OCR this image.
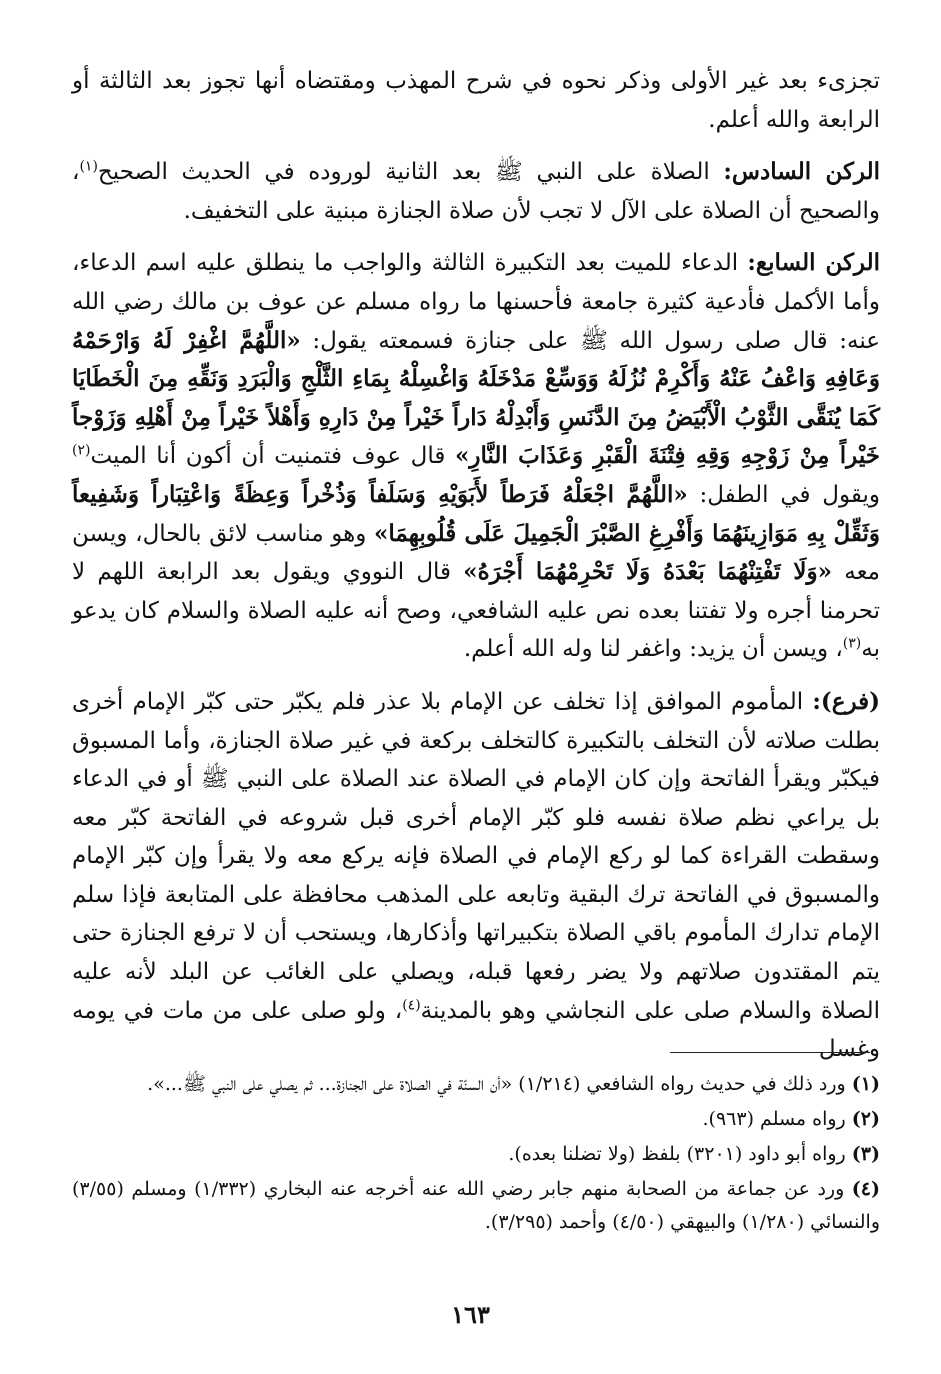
تجزىء بعد غير الأولى وذكر نحوه في شرح المهذب ومقتضاه أنها تجوز بعد الثالثة أو الرابعة والله أعلم.

الركن السادس: الصلاة على النبي ﷺ بعد الثانية لوروده في الحديث الصحيح$^{(١)}$، والصحيح أن الصلاة على الآل لا تجب لأن صلاة الجنازة مبنية على التخفيف.

الركن السابع: الدعاء للميت بعد التكبيرة الثالثة والواجب ما ينطلق عليه اسم الدعاء، وأما الأكمل فأدعية كثيرة جامعة فأحسنها ما رواه مسلم عن عوف بن مالك رضي الله عنه: قال صلى رسول الله ﷺ على جنازة فسمعته يقول: «اللَّهُمَّ اغْفِرْ لَهُ وَارْحَمْهُ وَعَافِهِ وَاعْفُ عَنْهُ وَأَكْرِمْ نُزُلَهُ وَوَسِّعْ مَدْخَلَهُ وَاغْسِلْهُ بِمَاءِ الثَّلْجِ وَالْبَرَدِ وَنَقِّهِ مِنَ الْخَطَايَا كَمَا يُنَقَّى الثَّوْبُ الْأَبْيَضُ مِنَ الدَّنَسِ وَأَبْدِلْهُ دَاراً خَيْراً مِنْ دَارِهِ وَأَهْلاً خَيْراً مِنْ أَهْلِهِ وَزَوْجاً خَيْراً مِنْ زَوْجِهِ وَقِهِ فِتْنَةَ الْقَبْرِ وَعَذَابَ النَّارِ» قال عوف فتمنيت أن أكون أنا الميت$^{(٢)}$ ويقول في الطفل: «اللَّهُمَّ اجْعَلْهُ فَرَطاً لأَبَوَيْهِ وَسَلَفاً وَذُخْراً وَعِظَةً وَاعْتِبَاراً وَشَفِيعاً وَثَقِّلْ بِهِ مَوَازِينَهُمَا وَأَفْرِغِ الصَّبْرَ الْجَمِيلَ عَلَى قُلُوبِهِمَا» وهو مناسب لائق بالحال، ويسن معه «وَلَا تَفْتِنْهُمَا بَعْدَهُ وَلَا تَحْرِمْهُمَا أَجْرَهُ» قال النووي ويقول بعد الرابعة اللهم لا تحرمنا أجره ولا تفتنا بعده نص عليه الشافعي، وصح أنه عليه الصلاة والسلام كان يدعو به$^{(٣)}$، ويسن أن يزيد: واغفر لنا وله الله أعلم.

(فرع): المأموم الموافق إذا تخلف عن الإمام بلا عذر فلم يكبّر حتى كبّر الإمام أخرى بطلت صلاته لأن التخلف بالتكبيرة كالتخلف بركعة في غير صلاة الجنازة، وأما المسبوق فيكبّر ويقرأ الفاتحة وإن كان الإمام في الصلاة عند الصلاة على النبي ﷺ أو في الدعاء بل يراعي نظم صلاة نفسه فلو كبّر الإمام أخرى قبل شروعه في الفاتحة كبّر معه وسقطت القراءة كما لو ركع الإمام في الصلاة فإنه يركع معه ولا يقرأ وإن كبّر الإمام والمسبوق في الفاتحة ترك البقية وتابعه على المذهب محافظة على المتابعة فإذا سلم الإمام تدارك المأموم باقي الصلاة بتكبيراتها وأذكارها، ويستحب أن لا ترفع الجنازة حتى يتم المقتدون صلاتهم ولا يضر رفعها قبله، ويصلي على الغائب عن البلد لأنه عليه الصلاة والسلام صلى على النجاشي وهو بالمدينة$^{(٤)}$، ولو صلى على من مات في يومه وغسل

(١) ورد ذلك في حديث رواه الشافعي (١/٢١٤) «أن السنّة في الصلاة على الجنازة... ثم يصلي على النبي ﷺ...».

(٢) رواه مسلم (٩٦٣).

(٣) رواه أبو داود (٣٢٠١) بلفظ (ولا تضلنا بعده).

(٤) ورد عن جماعة من الصحابة منهم جابر رضي الله عنه أخرجه عنه البخاري (١/٣٣٢) ومسلم (٣/٥٥) والنسائي (١/٢٨٠) والبيهقي (٤/٥٠) وأحمد (٣/٢٩٥).

١٦٣
